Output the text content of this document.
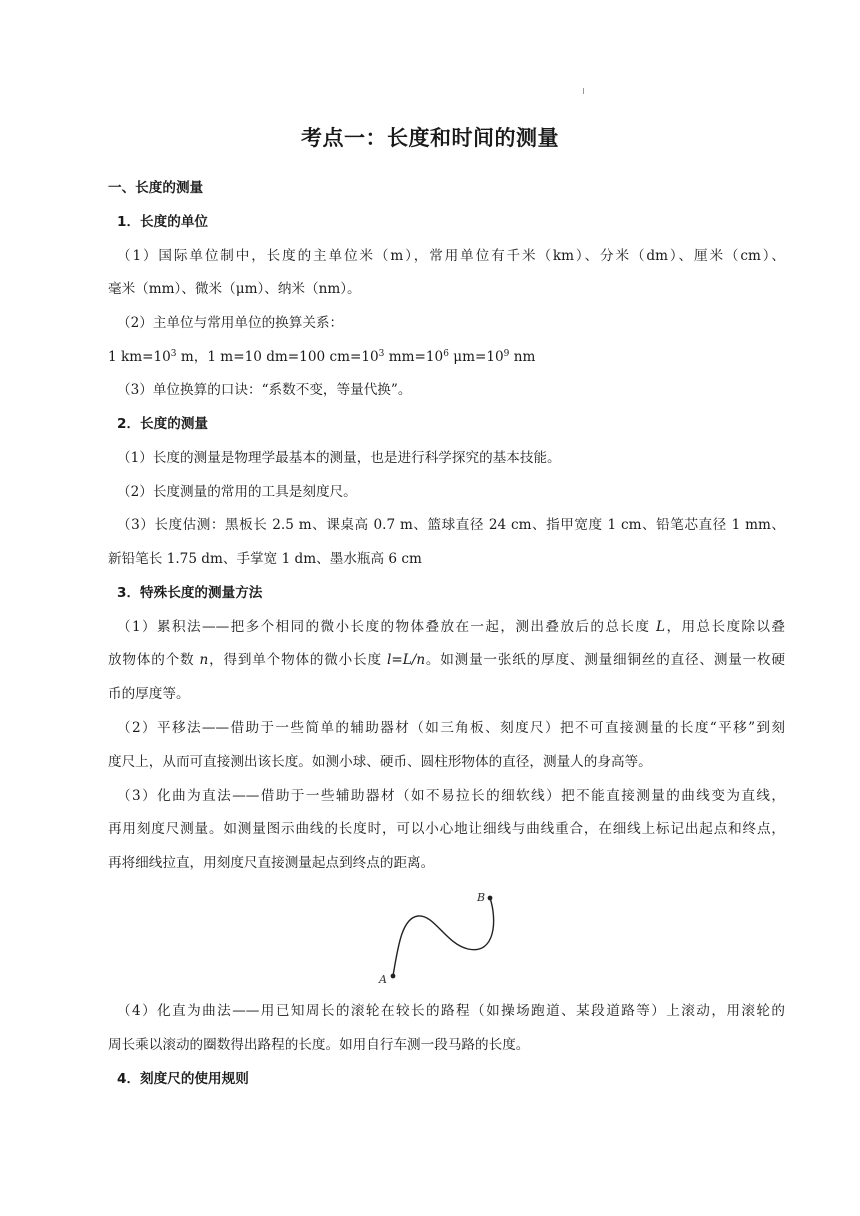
考点一：长度和时间的测量
一、长度的测量
1．长度的单位
（1）国际单位制中，长度的主单位米（m），常用单位有千米（km）、分米（dm）、厘米（cm）、
毫米（mm）、微米（μm）、纳米（nm）。
（2）主单位与常用单位的换算关系：
1 $km=10^3$ m，1 m=10 dm=100 $cm=10^3$ $mm=10^6$ $\mu m=10^9$ nm
（3）单位换算的口诀：“系数不变，等量代换”。
2．长度的测量
（1）长度的测量是物理学最基本的测量，也是进行科学探究的基本技能。
（2）长度测量的常用的工具是刻度尺。
（3）长度估测：黑板长 2.5 m、课桌高 0.7 m、篮球直径 24 cm、指甲宽度 1 cm、铅笔芯直径 1 mm、
新铅笔长 1.75 dm、手掌宽 1 dm、墨水瓶高 6 cm
3．特殊长度的测量方法
（1）累积法——把多个相同的微小长度的物体叠放在一起，测出叠放后的总长度 L，用总长度除以叠
放物体的个数 n，得到单个物体的微小长度 l=L/n。如测量一张纸的厚度、测量细铜丝的直径、测量一枚硬
币的厚度等。
（2）平移法——借助于一些简单的辅助器材（如三角板、刻度尺）把不可直接测量的长度“平移”到刻
度尺上，从而可直接测出该长度。如测小球、硬币、圆柱形物体的直径，测量人的身高等。
（3）化曲为直法——借助于一些辅助器材（如不易拉长的细软线）把不能直接测量的曲线变为直线，
再用刻度尺测量。如测量图示曲线的长度时，可以小心地让细线与曲线重合，在细线上标记出起点和终点，
再将细线拉直，用刻度尺直接测量起点到终点的距离。
A
B
（4）化直为曲法——用已知周长的滚轮在较长的路程（如操场跑道、某段道路等）上滚动，用滚轮的
周长乘以滚动的圈数得出路程的长度。如用自行车测一段马路的长度。
4．刻度尺的使用规则
